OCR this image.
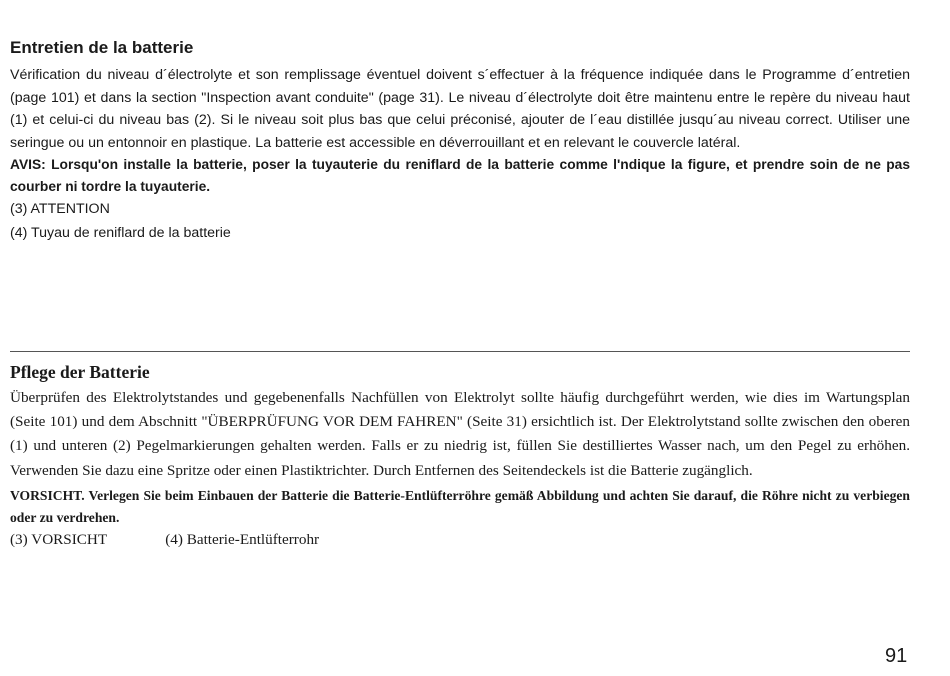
Entretien de la batterie

Vérification du niveau d´électrolyte et son remplissage éventuel doivent s´effectuer à la fréquence indiquée dans le Programme d´entretien (page 101) et dans la section "Inspection avant conduite" (page 31). Le niveau d´électrolyte doit être maintenu entre le repère du niveau haut (1) et celui-ci du niveau bas (2). Si le niveau soit plus bas que celui préconisé, ajouter de l´eau distillée jusqu´au niveau correct. Utiliser une seringue ou un entonnoir en plastique. La batterie est accessible en déverrouillant et en relevant le couvercle latéral.

AVIS: Lorsqu'on installe la batterie, poser la tuyauterie du reniflard de la batterie comme l'ndique la figure, et prendre soin de ne pas courber ni tordre la tuyauterie.

(3) ATTENTION

(4) Tuyau de reniflard de la batterie

Pflege der Batterie

Überprüfen des Elektrolytstandes und gegebenenfalls Nachfüllen von Elektrolyt sollte häufig durchgeführt werden, wie dies im Wartungsplan (Seite 101) und dem Abschnitt "ÜBERPRÜFUNG VOR DEM FAHREN" (Seite 31) ersichtlich ist. Der Elektrolytstand sollte zwischen den oberen (1) und unteren (2) Pegelmarkierungen gehalten werden. Falls er zu niedrig ist, füllen Sie destilliertes Wasser nach, um den Pegel zu erhöhen. Verwenden Sie dazu eine Spritze oder einen Plastiktrichter. Durch Entfernen des Seitendeckels ist die Batterie zugänglich.

VORSICHT. Verlegen Sie beim Einbauen der Batterie die Batterie-Entlüfterröhre gemäß Abbildung und achten Sie darauf, die Röhre nicht zu verbiegen oder zu verdrehen.

(3) VORSICHT	(4) Batterie-Entlüfterrohr

91
